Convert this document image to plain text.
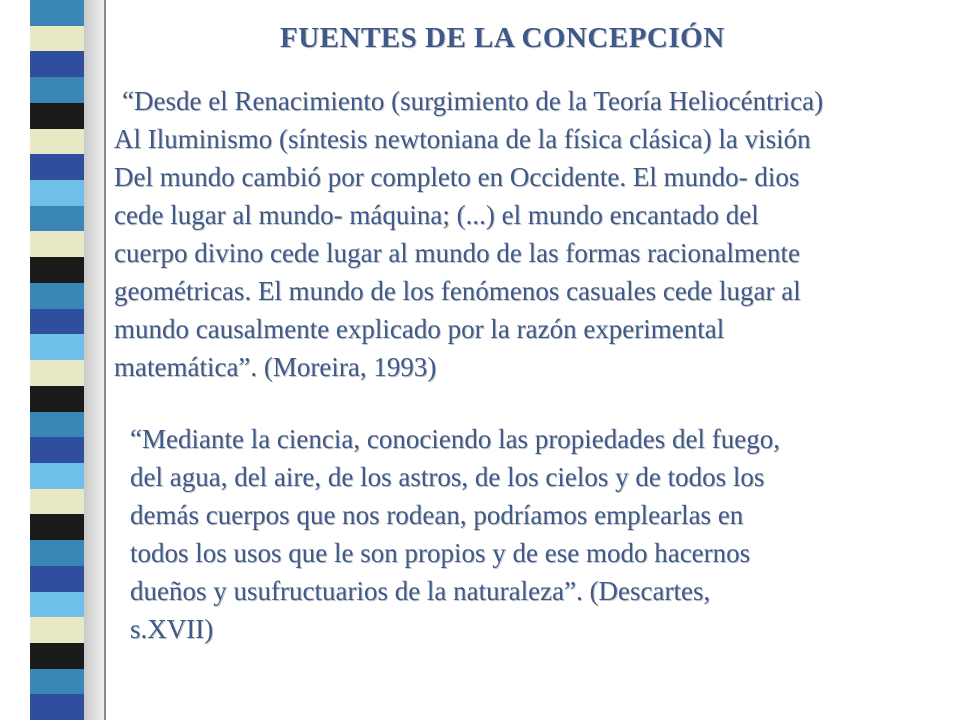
FUENTES DE LA CONCEPCIÓN

“Desde el Renacimiento (surgimiento de la Teoría Heliocéntrica)
Al Iluminismo (síntesis newtoniana de la física clásica) la visión
Del mundo cambió por completo en Occidente. El mundo- dios
cede lugar al mundo- máquina; (...) el mundo encantado del
cuerpo divino cede lugar al mundo de las formas racionalmente
geométricas. El mundo de los fenómenos casuales cede lugar al
mundo causalmente explicado por la razón experimental
matemática”. (Moreira, 1993)

“Mediante la ciencia, conociendo las propiedades del fuego,
del agua, del aire, de los astros, de los cielos y de todos los
demás cuerpos que nos rodean, podríamos emplearlas en
todos los usos que le son propios y de ese modo hacernos
dueños y usufructuarios de la naturaleza”. (Descartes,
s.XVII)
